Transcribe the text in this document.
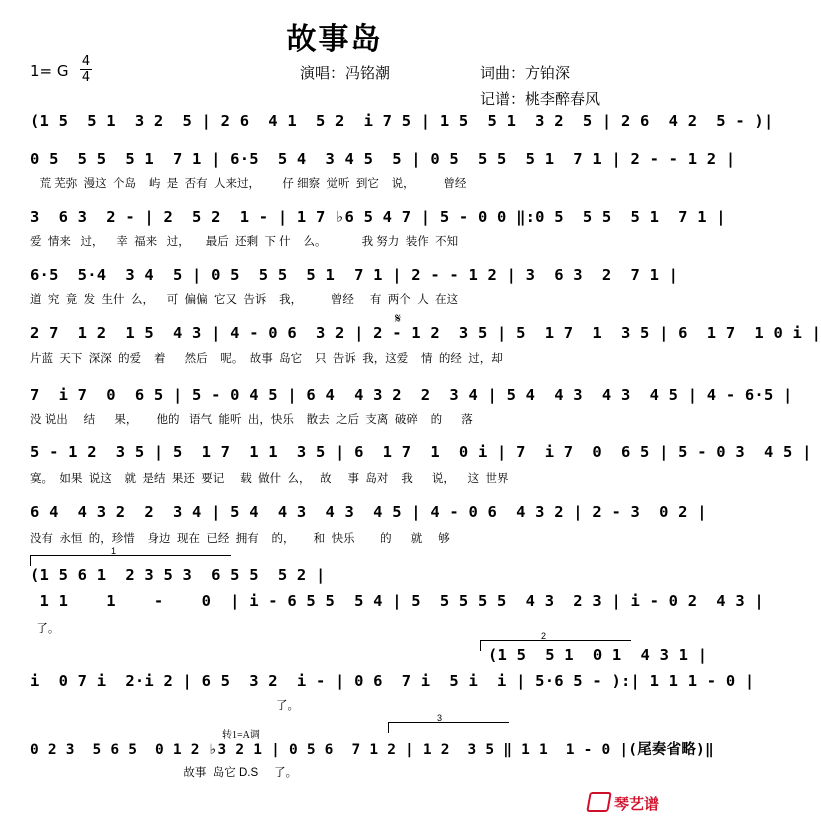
故事岛
1= G
4
4	演唱：冯铭潮	词曲：方铂深
记谱：桃李醉春风
(1 5  5 1  3 2  5 | 2 6  4 1  5 2  i 7 5 | 1 5  5 1  3 2  5 | 2 6  4 2  5 - )|
0 5  5 5  5 1  7 1 | 6·5  5 4  3 4 5  5 | 0 5  5 5  5 1  7 1 | 2 - - 1 2 |
荒 芜弥  漫这  个岛    屿  是  否有  人来过，       仔 细察  觉听  到它    说，         曾经
3  6 3  2 - | 2  5 2  1 - | 1 7 ♭6 5 4 7 | 5 - 0 0 ‖:0 5  5 5  5 1  7 1 |
爱  情来   过，    幸  福来   过，     最后  还剩  下 什    么。           我 努力  装作  不知
6·5  5·4  3 4  5 | 0 5  5 5  5 1  7 1 | 2 - - 1 2 | 3  6 3  2  7 1 |
道  究  竟  发  生什  么，    可  偏偏  它又  告诉    我，         曾经     有  两个  人  在这
2 7  1 2  1 5  4 3 | 4 - 0 6  3 2 | 2 - 1 2  3 5 | 5  1 7  1  3 5 | 6  1 7  1 0 i |
片蓝  天下  深深  的爱    着      然后    呢。  故事  岛它    只  告诉  我，这爱    情  的经  过，却
𝄋
7  i 7  0  6 5 | 5 - 0 4 5 | 6 4  4 3 2  2  3 4 | 5 4  4 3  4 3  4 5 | 4 - 6·5 |
没 说出     结      果，      他的   语气  能听  出，快乐    散去  之后  支离  破碎    的      落
5 - 1 2  3 5 | 5  1 7  1 1  3 5 | 6  1 7  1  0 i | 7  i 7  0  6 5 | 5 - 0 3  4 5 |
寞。  如果  说这    就  是结  果还  要记     载  做什  么，   故     事  岛对    我      说，    这  世界
6 4  4 3 2  2  3 4 | 5 4  4 3  4 3  4 5 | 4 - 0 6  4 3 2 | 2 - 3  0 2 |
没有  永恒  的，珍惜    身边  现在  已经  拥有    的，      和  快乐        的      就     够
1
(1 5 6 1  2 3 5 3  6 5 5  5 2 |
1 1    1    -    0  | i - 6 5 5  5 4 | 5  5 5 5 5  4 3  2 3 | i - 0 2  4 3 |
了。
2
(1 5  5 1  0 1  4 3 1 |
i  0 7 i  2·i 2 | 6 5  3 2  i - | 0 6  7 i  5 i  i | 5·6 5 - ):| 1 1 1 - 0 |
了。
转1=A调
3
0 2 3  5 6 5  0 1 2 ♭3 2 1 | 0 5 6  7 1 2 | 1 2  3 5 ‖ 1 1  1 - 0 |(尾奏省略)‖
故事  岛它 D.S     了。
琴艺谱
